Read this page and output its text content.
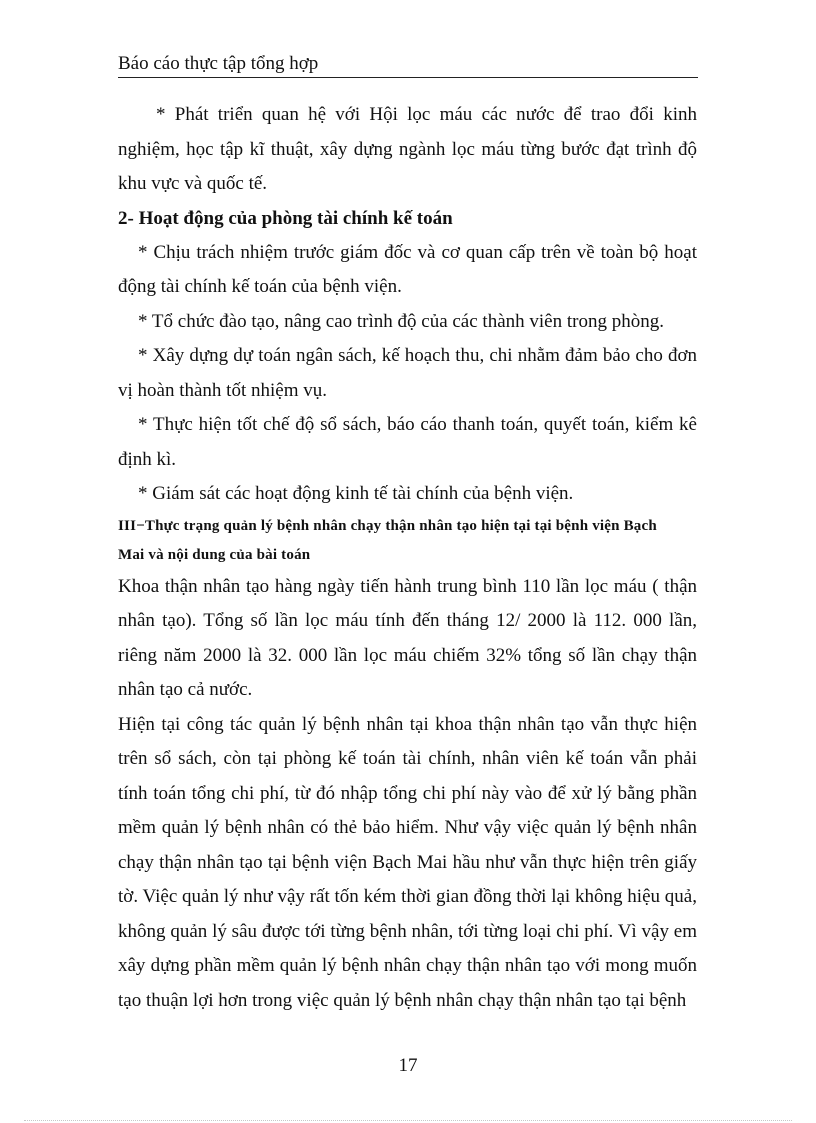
Báo cáo thực tập tổng hợp

* Phát triển quan hệ với Hội lọc máu các nước để trao đổi kinh nghiệm, học tập kĩ thuật, xây dựng ngành lọc máu từng bước đạt trình độ khu vực và quốc tế.

2- Hoạt động của phòng tài chính kế toán

* Chịu trách nhiệm trước giám đốc và cơ quan cấp trên về toàn bộ hoạt động tài chính kế toán của bệnh viện.

* Tổ chức đào tạo, nâng cao trình độ của các thành viên trong phòng.

* Xây dựng dự toán ngân sách, kế hoạch thu, chi nhằm đảm bảo cho đơn vị hoàn thành tốt nhiệm vụ.

* Thực hiện tốt chế độ sổ sách, báo cáo thanh toán, quyết toán, kiểm kê định kì.

* Giám sát các hoạt động kinh tế tài chính của bệnh viện.

III−Thực trạng quản lý bệnh nhân chạy thận nhân tạo hiện tại tại bệnh viện Bạch
Mai và nội dung của bài toán

Khoa thận nhân tạo hàng ngày tiến hành trung bình 110 lần lọc máu ( thận nhân tạo). Tổng số lần lọc máu tính đến tháng 12/ 2000 là 112. 000 lần, riêng năm 2000 là 32. 000 lần lọc máu chiếm 32% tổng số lần chạy thận nhân tạo cả nước.

Hiện tại công tác quản lý bệnh nhân tại khoa thận nhân tạo vẫn thực hiện trên sổ sách, còn tại phòng kế toán tài chính, nhân viên kế toán vẫn phải tính toán tổng chi phí, từ đó nhập tổng chi phí này vào để xử lý bằng phần mềm quản lý bệnh nhân có thẻ bảo hiểm. Như vậy việc quản lý bệnh nhân chạy thận nhân tạo tại bệnh viện Bạch Mai hầu như vẫn thực hiện trên giấy tờ. Việc quản lý như vậy rất tốn kém thời gian đồng thời lại không hiệu quả, không quản lý sâu được tới từng bệnh nhân, tới từng loại chi phí. Vì vậy em xây dựng phần mềm quản lý bệnh nhân chạy thận nhân tạo với mong muốn tạo thuận lợi hơn trong việc quản lý bệnh nhân chạy thận nhân tạo tại bệnh

17
